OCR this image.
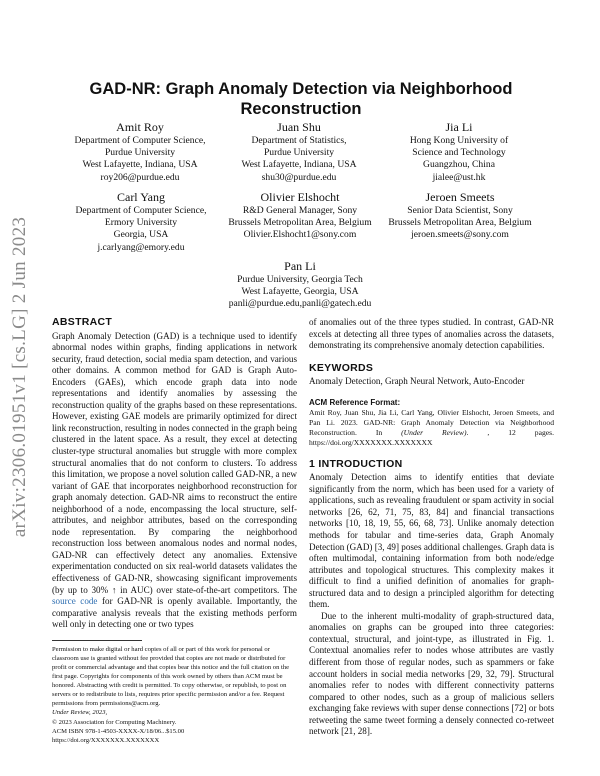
arXiv:2306.01951v1 [cs.LG] 2 Jun 2023
GAD-NR: Graph Anomaly Detection via Neighborhood Reconstruction
Amit Roy
Department of Computer Science,
Purdue University
West Lafayette, Indiana, USA
roy206@purdue.edu
Juan Shu
Department of Statistics,
Purdue University
West Lafayette, Indiana, USA
shu30@purdue.edu
Jia Li
Hong Kong University of
Science and Technology
Guangzhou, China
jialee@ust.hk
Carl Yang
Department of Computer Science,
Ermory University
Georgia, USA
j.carlyang@emory.edu
Olivier Elshocht
R&D General Manager, Sony
Brussels Metropolitan Area, Belgium
Olivier.Elshocht1@sony.com
Jeroen Smeets
Senior Data Scientist, Sony
Brussels Metropolitan Area, Belgium
jeroen.smeets@sony.com
Pan Li
Purdue University, Georgia Tech
West Lafayette, Georgia, USA
panli@purdue.edu,panli@gatech.edu
ABSTRACT

Graph Anomaly Detection (GAD) is a technique used to identify abnormal nodes within graphs, finding applications in network security, fraud detection, social media spam detection, and various other domains. A common method for GAD is Graph Auto-Encoders (GAEs), which encode graph data into node representations and identify anomalies by assessing the reconstruction quality of the graphs based on these representations. However, existing GAE models are primarily optimized for direct link reconstruction, resulting in nodes connected in the graph being clustered in the latent space. As a result, they excel at detecting cluster-type structural anomalies but struggle with more complex structural anomalies that do not conform to clusters. To address this limitation, we propose a novel solution called GAD-NR, a new variant of GAE that incorporates neighborhood reconstruction for graph anomaly detection. GAD-NR aims to reconstruct the entire neighborhood of a node, encompassing the local structure, self-attributes, and neighbor attributes, based on the corresponding node representation. By comparing the neighborhood reconstruction loss between anomalous nodes and normal nodes, GAD-NR can effectively detect any anomalies. Extensive experimentation conducted on six real-world datasets validates the effectiveness of GAD-NR, showcasing significant improvements (by up to 30% ↑ in AUC) over state-of-the-art competitors. The source code for GAD-NR is openly available. Importantly, the comparative analysis reveals that the existing methods perform well only in detecting one or two types

Permission to make digital or hard copies of all or part of this work for personal or classroom use is granted without fee provided that copies are not made or distributed for profit or commercial advantage and that copies bear this notice and the full citation on the first page. Copyrights for components of this work owned by others than ACM must be honored. Abstracting with credit is permitted. To copy otherwise, or republish, to post on servers or to redistribute to lists, requires prior specific permission and/or a fee. Request permissions from permissions@acm.org.

Under Review, 2023,

© 2023 Association for Computing Machinery.

ACM ISBN 978-1-4503-XXXX-X/18/06...$15.00

https://doi.org/XXXXXXX.XXXXXXX

of anomalies out of the three types studied. In contrast, GAD-NR excels at detecting all three types of anomalies across the datasets, demonstrating its comprehensive anomaly detection capabilities.

KEYWORDS

Anomaly Detection, Graph Neural Network, Auto-Encoder

ACM Reference Format:

Amit Roy, Juan Shu, Jia Li, Carl Yang, Olivier Elshocht, Jeroen Smeets, and Pan Li. 2023. GAD-NR: Graph Anomaly Detection via Neighborhood Reconstruction. In (Under Review). , 12 pages. https://doi.org/XXXXXXX.XXXXXXX

1 INTRODUCTION

Anomaly Detection aims to identify entities that deviate significantly from the norm, which has been used for a variety of applications, such as revealing fraudulent or spam activity in social networks [26, 62, 71, 75, 83, 84] and financial transactions networks [10, 18, 19, 55, 66, 68, 73]. Unlike anomaly detection methods for tabular and time-series data, Graph Anomaly Detection (GAD) [3, 49] poses additional challenges. Graph data is often multimodal, containing information from both node/edge attributes and topological structures. This complexity makes it difficult to find a unified definition of anomalies for graph-structured data and to design a principled algorithm for detecting them.

Due to the inherent multi-modality of graph-structured data, anomalies on graphs can be grouped into three categories: contextual, structural, and joint-type, as illustrated in Fig. 1. Contextual anomalies refer to nodes whose attributes are vastly different from those of regular nodes, such as spammers or fake account holders in social media networks [29, 32, 79]. Structural anomalies refer to nodes with different connectivity patterns compared to other nodes, such as a group of malicious sellers exchanging fake reviews with super dense connections [72] or bots retweeting the same tweet forming a densely connected co-retweet network [21, 28].
